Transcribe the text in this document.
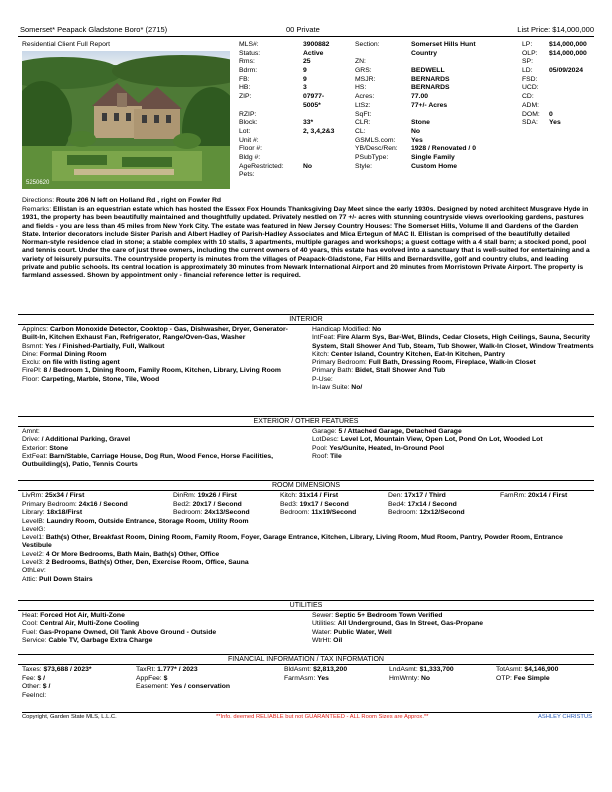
Somerset* Peapack Gladstone Boro* (2715)	00 Private	List Price: $14,000,000
Residential Client Full Report
5250620
MLS#:	3900882
Status:	Active
Rms:	25
Bdrm:	9
FB:	9
HB:	3
ZIP:	07977-
5005*
RZIP:
Block:	33*
Lot:	2, 3,4,2&3
Unit #:
Floor #:
Bldg #:
AgeRestricted:	No
Pets:
Section:	Somerset Hills Hunt
Country
ZN:
GRS:	BEDWELL
MSJR:	BERNARDS
HS:	BERNARDS
Acres:	77.00
LtSz:	77+/- Acres
SqFt:
CLR:	Stone
CL:	No
GSMLS.com: Yes
YB/Desc/Ren: 1928 / Renovated / 0
PSubType:	Single Family
Style:	Custom Home
LP: $14,000,000
OLP: $14,000,000
SP:
LD: 05/09/2024
FSD:
UCD:
CD:
ADM:
DOM: 0
SDA: Yes
Directions: Route 206 N left on Holland Rd , right on Fowler Rd
Remarks: Ellistan is an equestrian estate which has hosted the Essex Fox Hounds Thanksgiving Day Meet since the early 1930s. Designed by noted architect Musgrave Hyde in 1931, the property has been beautifully maintained and thoughtfully updated. Privately nestled on 77 +/- acres with stunning countryside views overlooking gardens, pastures and fields - you are less than 45 miles from New York City. The estate was featured in New Jersey Country Houses: The Somerset Hills, Volume II and Gardens of the Garden State. Interior decorators include Sister Parish and Albert Hadley of Parish-Hadley Associates and Mica Ertegun of MAC II. Ellistan is comprised of the beautifully detailed Norman-style residence clad in stone; a stable complex with 10 stalls, 3 apartments, multiple garages and workshops; a guest cottage with a 4 stall barn; a stocked pond, pool and tennis court. Under the care of just three owners, including the current owners of 40 years, this estate has evolved into a sanctuary that is well-suited for entertaining and a variety of leisurely pursuits. The countryside property is minutes from the villages of Peapack-Gladstone, Far Hills and Bernardsville, golf and country clubs, and leading private and public schools. Its central location is approximately 30 minutes from Newark International Airport and 20 minutes from Morristown Private Airport. The property is farmland assessed. Shown by appointment only - financial reference letter is required.
INTERIOR
Applncs: Carbon Monoxide Detector, Cooktop - Gas, Dishwasher, Dryer, Generator-Built-In, Kitchen Exhaust Fan, Refrigerator, Range/Oven-Gas, Washer
Bsmnt: Yes / Finished-Partially, Full, Walkout
Dine: Formal Dining Room
Exclu: on file with listing agent
FirePl: 8 / Bedroom 1, Dining Room, Family Room, Kitchen, Library, Living Room
Floor: Carpeting, Marble, Stone, Tile, Wood
Handicap Modified: No
IntFeat: Fire Alarm Sys, Bar-Wet, Blinds, Cedar Closets, High Ceilings, Sauna, Security System, Stall Shower And Tub, Steam, Tub Shower, Walk-In Closet, Window Treatments
Kitch: Center Island, Country Kitchen, Eat-In Kitchen, Pantry
Primary Bedroom: Full Bath, Dressing Room, Fireplace, Walk-in Closet
Primary Bath: Bidet, Stall Shower And Tub
P-Use:
In-law Suite: No/
EXTERIOR / OTHER FEATURES
Amnt:
Drive: / Additional Parking, Gravel
Exterior: Stone
ExtFeat: Barn/Stable, Carriage House, Dog Run, Wood Fence, Horse Facilities, Outbuilding(s), Patio, Tennis Courts
Garage: 5 / Attached Garage, Detached Garage
LotDesc: Level Lot, Mountain View, Open Lot, Pond On Lot, Wooded Lot
Pool: Yes/Gunite, Heated, In-Ground Pool
Roof: Tile
ROOM DIMENSIONS
LivRm: 25x34 / First	DinRm: 19x26 / First	Kitch: 31x14 / First	Den: 17x17 / Third	FamRm: 20x14 / First
Primary Bedroom: 24x16 / Second	Bed2: 20x17 / Second	Bed3: 19x17 / Second	Bed4: 17x14 / Second
Library: 18x18/First	Bedroom: 24x13/Second	Bedroom: 11x19/Second	Bedroom: 12x12/Second
LevelB: Laundry Room, Outside Entrance, Storage Room, Utility Room
LevelG:
Level1: Bath(s) Other, Breakfast Room, Dining Room, Family Room, Foyer, Garage Entrance, Kitchen, Library, Living Room, Mud Room, Pantry, Powder Room, Entrance Vestibule
Level2: 4 Or More Bedrooms, Bath Main, Bath(s) Other, Office
Level3: 2 Bedrooms, Bath(s) Other, Den, Exercise Room, Office, Sauna
OthLev:
Attic: Pull Down Stairs
UTILITIES
Heat: Forced Hot Air, Multi-Zone
Cool: Central Air, Multi-Zone Cooling
Fuel: Gas-Propane Owned, Oil Tank Above Ground - Outside
Service: Cable TV, Garbage Extra Charge
Sewer: Septic 5+ Bedroom Town Verified
Utilities: All Underground, Gas In Street, Gas-Propane
Water: Public Water, Well
WtrHt: Oil
FINANCIAL INFORMATION / TAX INFORMATION
Taxes: $73,688 / 2023*	TaxRt: 1.777* / 2023	BldAsmt: $2,813,200	LndAsmt: $1,333,700	TotAsmt: $4,146,900
Fee: $ /	AppFee: $	FarmAsm: Yes	HmWrnty: No	OTP: Fee Simple
Other: $ /	Easement: Yes / conservation
FeeIncl:
Copyright, Garden State MLS, L.L.C.	**Info. deemed RELIABLE but not GUARANTEED - ALL Room Sizes are Approx.**	ASHLEY CHRISTUS
